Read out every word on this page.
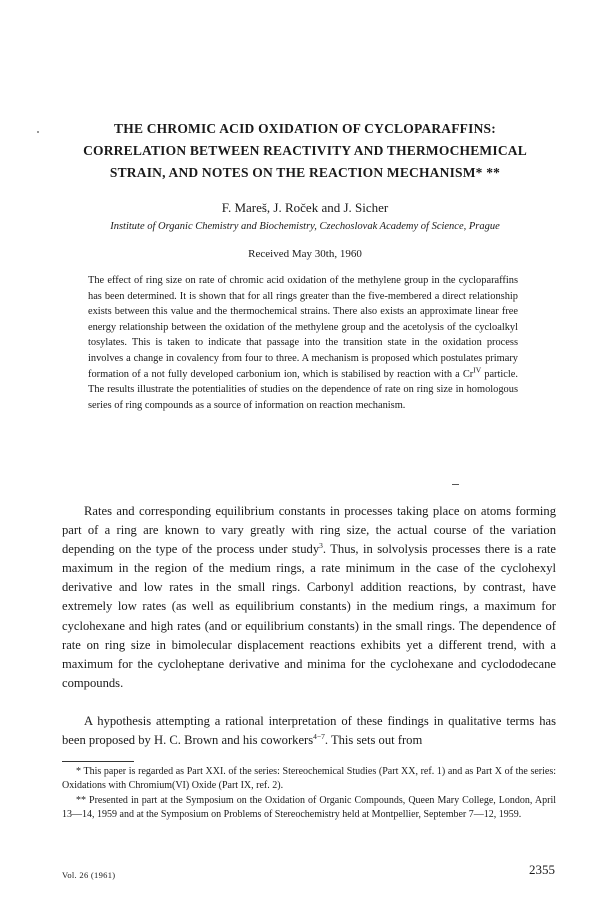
THE CHROMIC ACID OXIDATION OF CYCLOPARAFFINS:
CORRELATION BETWEEN REACTIVITY AND THERMOCHEMICAL
STRAIN, AND NOTES ON THE REACTION MECHANISM* **
F. Mareš, J. Roček and J. Sicher
Institute of Organic Chemistry and Biochemistry, Czechoslovak Academy of Science, Prague
Received May 30th, 1960

The effect of ring size on rate of chromic acid oxidation of the methylene group in the cycloparaffins has been determined. It is shown that for all rings greater than the five-membered a direct relationship exists between this value and the thermochemical strains. There also exists an approximate linear free energy relationship between the oxidation of the methylene group and the acetolysis of the cycloalkyl tosylates. This is taken to indicate that passage into the transition state in the oxidation process involves a change in covalency from four to three. A mechanism is proposed which postulates primary formation of a not fully developed carbonium ion, which is stabilised by reaction with a $Cr^{IV}$ particle. The results illustrate the potentialities of studies on the dependence of rate on ring size in homologous series of ring compounds as a source of information on reaction mechanism.

Rates and corresponding equilibrium constants in processes taking place on atoms forming part of a ring are known to vary greatly with ring size, the actual course of the variation depending on the type of the process under study$^3$. Thus, in solvolysis processes there is a rate maximum in the region of the medium rings, a rate minimum in the case of the cyclohexyl derivative and low rates in the small rings. Carbonyl addition reactions, by contrast, have extremely low rates (as well as equilibrium constants) in the medium rings, a maximum for cyclohexane and high rates (and or equilibrium constants) in the small rings. The dependence of rate on ring size in bimolecular displacement reactions exhibits yet a different trend, with a maximum for the cycloheptane derivative and minima for the cyclohexane and cyclododecane compounds.

A hypothesis attempting a rational interpretation of these findings in qualitative terms has been proposed by H. C. Brown and his coworkers$^{4-7}$. This sets out from

* This paper is regarded as Part XXI. of the series: Stereochemical Studies (Part XX, ref. 1) and as Part X of the series: Oxidations with Chromium(VI) Oxide (Part IX, ref. 2).

** Presented in part at the Symposium on the Oxidation of Organic Compounds, Queen Mary College, London, April 13—14, 1959 and at the Symposium on Problems of Stereochemistry held at Montpellier, September 7—12, 1959.

Vol. 26 (1961)	2355
